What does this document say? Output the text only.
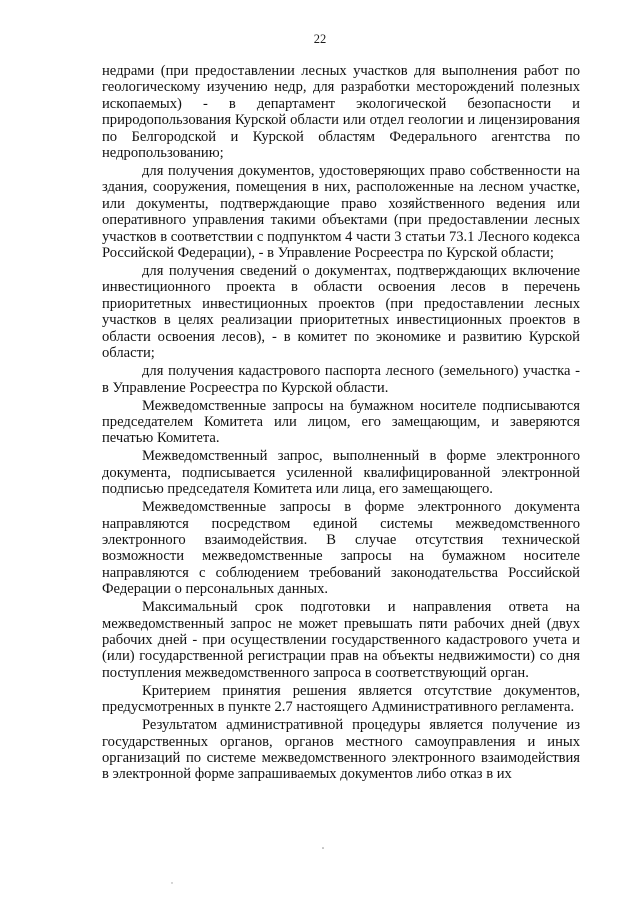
22

недрами (при предоставлении лесных участков для выполнения работ по геологическому изучению недр, для разработки месторождений полезных ископаемых) - в департамент экологической безопасности и природопользования Курской области или отдел геологии и лицензирования по Белгородской и Курской областям Федерального агентства по недропользованию;

для получения документов, удостоверяющих право собственности на здания, сооружения, помещения в них, расположенные на лесном участке, или документы, подтверждающие право хозяйственного ведения или оперативного управления такими объектами (при предоставлении лесных участков в соответствии с подпунктом 4 части 3 статьи 73.1 Лесного кодекса Российской Федерации), - в Управление Росреестра по Курской области;

для получения сведений о документах, подтверждающих включение инвестиционного проекта в области освоения лесов в перечень приоритетных инвестиционных проектов (при предоставлении лесных участков в целях реализации приоритетных инвестиционных проектов в области освоения лесов), - в комитет по экономике и развитию Курской области;

для получения кадастрового паспорта лесного (земельного) участка - в Управление Росреестра по Курской области.

Межведомственные запросы на бумажном носителе подписываются председателем Комитета или лицом, его замещающим, и заверяются печатью Комитета.

Межведомственный запрос, выполненный в форме электронного документа, подписывается усиленной квалифицированной электронной подписью председателя Комитета или лица, его замещающего.

Межведомственные запросы в форме электронного документа направляются посредством единой системы межведомственного электронного взаимодействия. В случае отсутствия технической возможности межведомственные запросы на бумажном носителе направляются с соблюдением требований законодательства Российской Федерации о персональных данных.

Максимальный срок подготовки и направления ответа на межведомственный запрос не может превышать пяти рабочих дней (двух рабочих дней - при осуществлении государственного кадастрового учета и (или) государственной регистрации прав на объекты недвижимости) со дня поступления межведомственного запроса в соответствующий орган.

Критерием принятия решения является отсутствие документов, предусмотренных в пункте 2.7 настоящего Административного регламента.

Результатом административной процедуры является получение из государственных органов, органов местного самоуправления и иных организаций по системе межведомственного электронного взаимодействия в электронной форме запрашиваемых документов либо отказ в их
